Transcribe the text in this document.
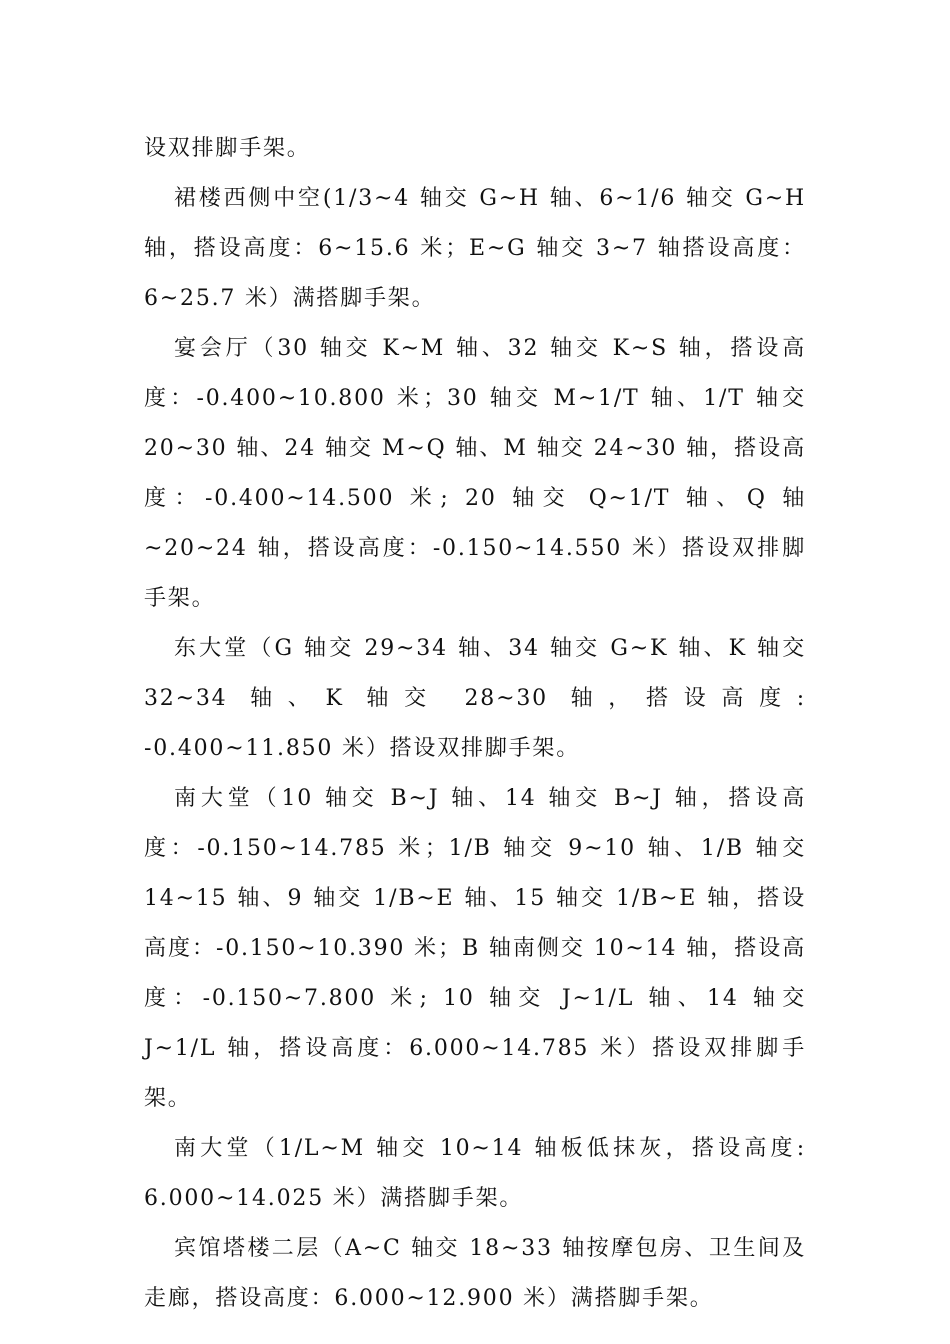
设双排脚手架。

裙楼西侧中空(1/3~4 轴交 G~H 轴、6~1/6 轴交 G~H 轴，搭设高度：6~15.6 米；E~G 轴交 3~7 轴搭设高度：6~25.7 米）满搭脚手架。

宴会厅（30 轴交 K~M 轴、32 轴交 K~S 轴，搭设高度：-0.400~10.800 米；30 轴交 M~1/T 轴、1/T 轴交 20~30 轴、24 轴交 M~Q 轴、M 轴交 24~30 轴，搭设高度：-0.400~14.500 米; 20 轴交 Q~1/T 轴、Q 轴~20~24 轴，搭设高度：-0.150~14.550 米）搭设双排脚手架。

东大堂（G 轴交 29~34 轴、34 轴交 G~K 轴、K 轴交 32~34 轴、K 轴交 28~30 轴，搭设高度: -0.400~11.850 米）搭设双排脚手架。

南大堂（10 轴交 B~J 轴、14 轴交 B~J 轴，搭设高度：-0.150~14.785 米；1/B 轴交 9~10 轴、1/B 轴交 14~15 轴、9 轴交 1/B~E 轴、15 轴交 1/B~E 轴，搭设高度：-0.150~10.390 米；B 轴南侧交 10~14 轴，搭设高度：-0.150~7.800 米; 10 轴交 J~1/L 轴、14 轴交 J~1/L 轴，搭设高度：6.000~14.785 米）搭设双排脚手架。

南大堂（1/L~M 轴交 10~14 轴板低抹灰，搭设高度: 6.000~14.025 米）满搭脚手架。

宾馆塔楼二层（A~C 轴交 18~33 轴按摩包房、卫生间及走廊，搭设高度：6.000~12.900 米）满搭脚手架。
